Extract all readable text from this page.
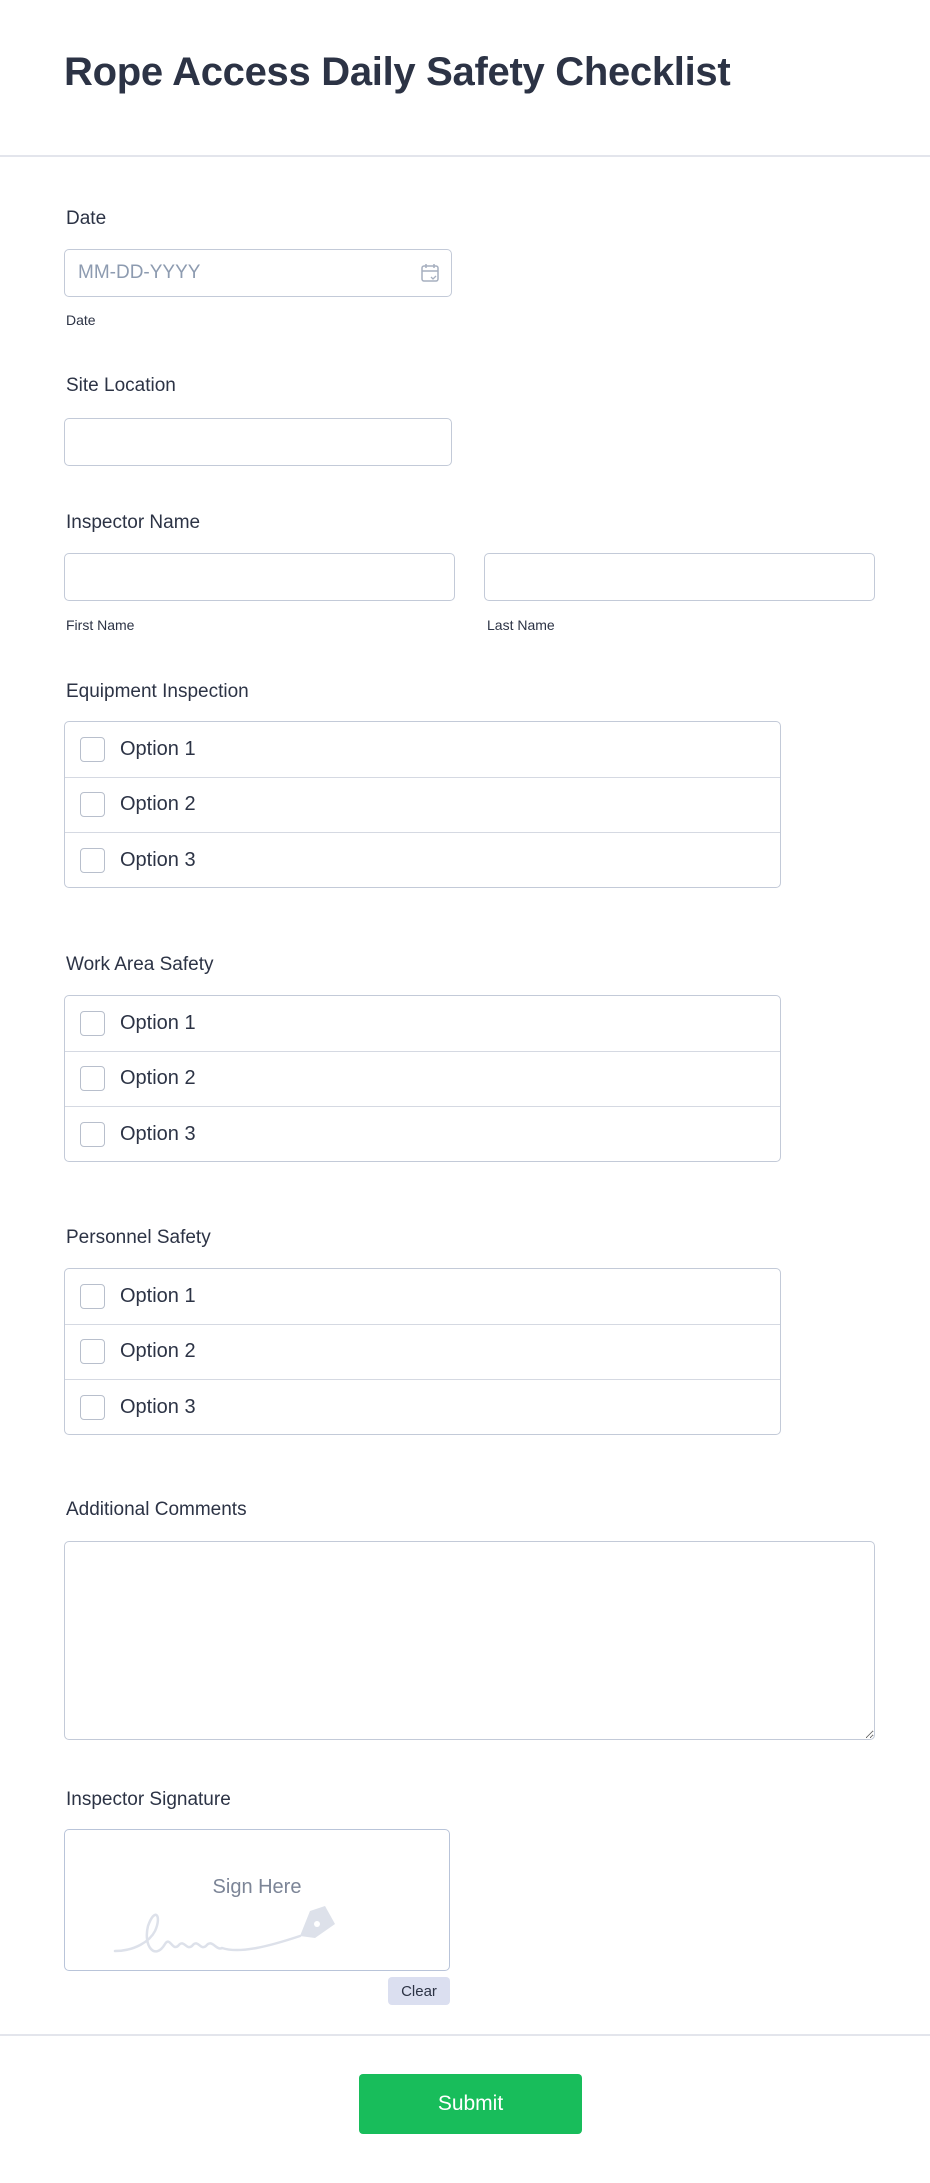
Rope Access Daily Safety Checklist
Date
MM-DD-YYYY
Date
Site Location
Inspector Name
First Name	Last Name
Equipment Inspection
Option 1
Option 2
Option 3
Work Area Safety
Option 1
Option 2
Option 3
Personnel Safety
Option 1
Option 2
Option 3
Additional Comments
Inspector Signature
Sign Here
Clear
Submit
